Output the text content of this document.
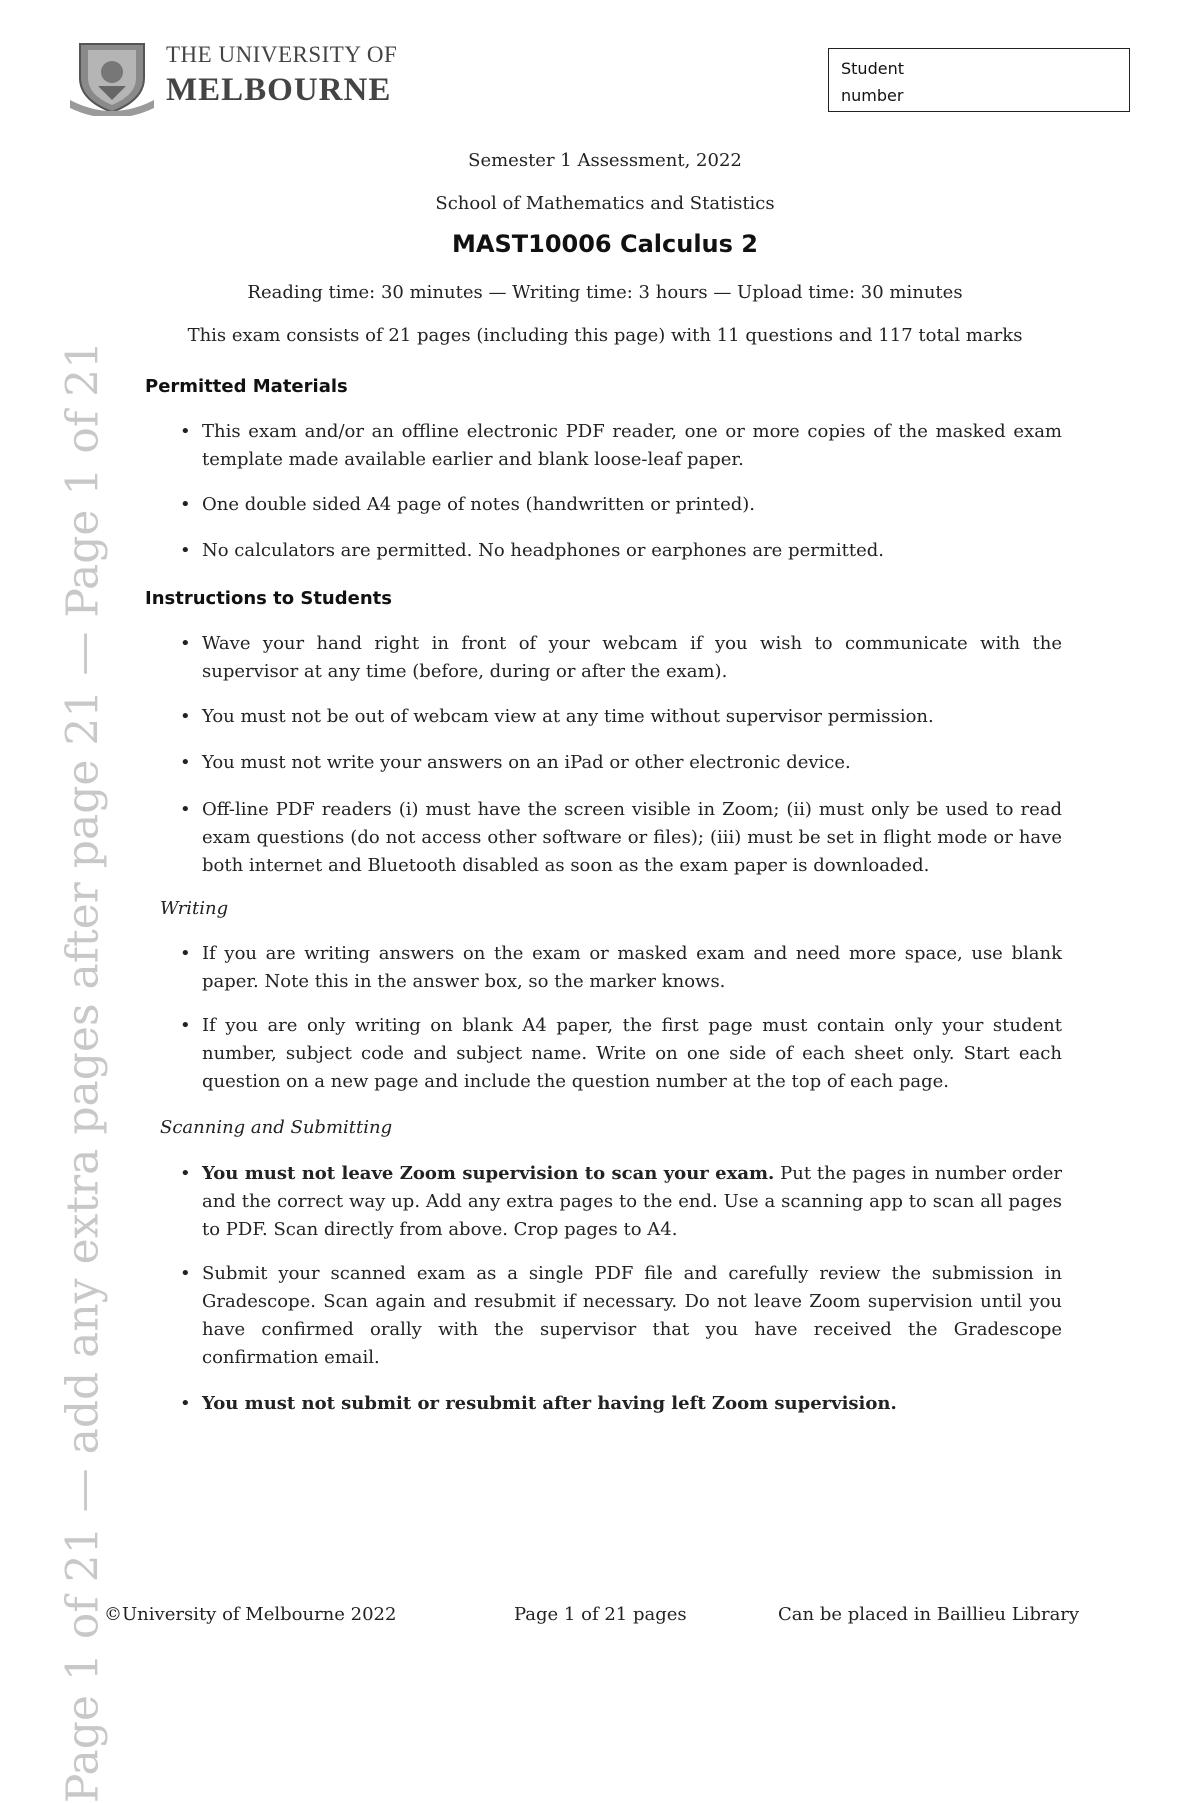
THE UNIVERSITY OF
MELBOURNE
Student
number
Page 1 of 21 — add any extra pages after page 21 — Page 1 of 21
Semester 1 Assessment, 2022
School of Mathematics and Statistics
MAST10006 Calculus 2
Reading time: 30 minutes — Writing time: 3 hours — Upload time: 30 minutes
This exam consists of 21 pages (including this page) with 11 questions and 117 total marks
Permitted Materials
• This exam and/or an offline electronic PDF reader, one or more copies of the masked exam template made available earlier and blank loose-leaf paper.
• One double sided A4 page of notes (handwritten or printed).
• No calculators are permitted. No headphones or earphones are permitted.
Instructions to Students
• Wave your hand right in front of your webcam if you wish to communicate with the supervisor at any time (before, during or after the exam).
• You must not be out of webcam view at any time without supervisor permission.
• You must not write your answers on an iPad or other electronic device.
• Off-line PDF readers (i) must have the screen visible in Zoom; (ii) must only be used to read exam questions (do not access other software or files); (iii) must be set in flight mode or have both internet and Bluetooth disabled as soon as the exam paper is downloaded.
Writing
• If you are writing answers on the exam or masked exam and need more space, use blank paper. Note this in the answer box, so the marker knows.
• If you are only writing on blank A4 paper, the first page must contain only your student number, subject code and subject name. Write on one side of each sheet only. Start each question on a new page and include the question number at the top of each page.
Scanning and Submitting
• You must not leave Zoom supervision to scan your exam. Put the pages in number order and the correct way up. Add any extra pages to the end. Use a scanning app to scan all pages to PDF. Scan directly from above. Crop pages to A4.
• Submit your scanned exam as a single PDF file and carefully review the submission in Gradescope. Scan again and resubmit if necessary. Do not leave Zoom supervision until you have confirmed orally with the supervisor that you have received the Gradescope confirmation email.
• You must not submit or resubmit after having left Zoom supervision.
©University of Melbourne 2022	Page 1 of 21 pages	Can be placed in Baillieu Library
